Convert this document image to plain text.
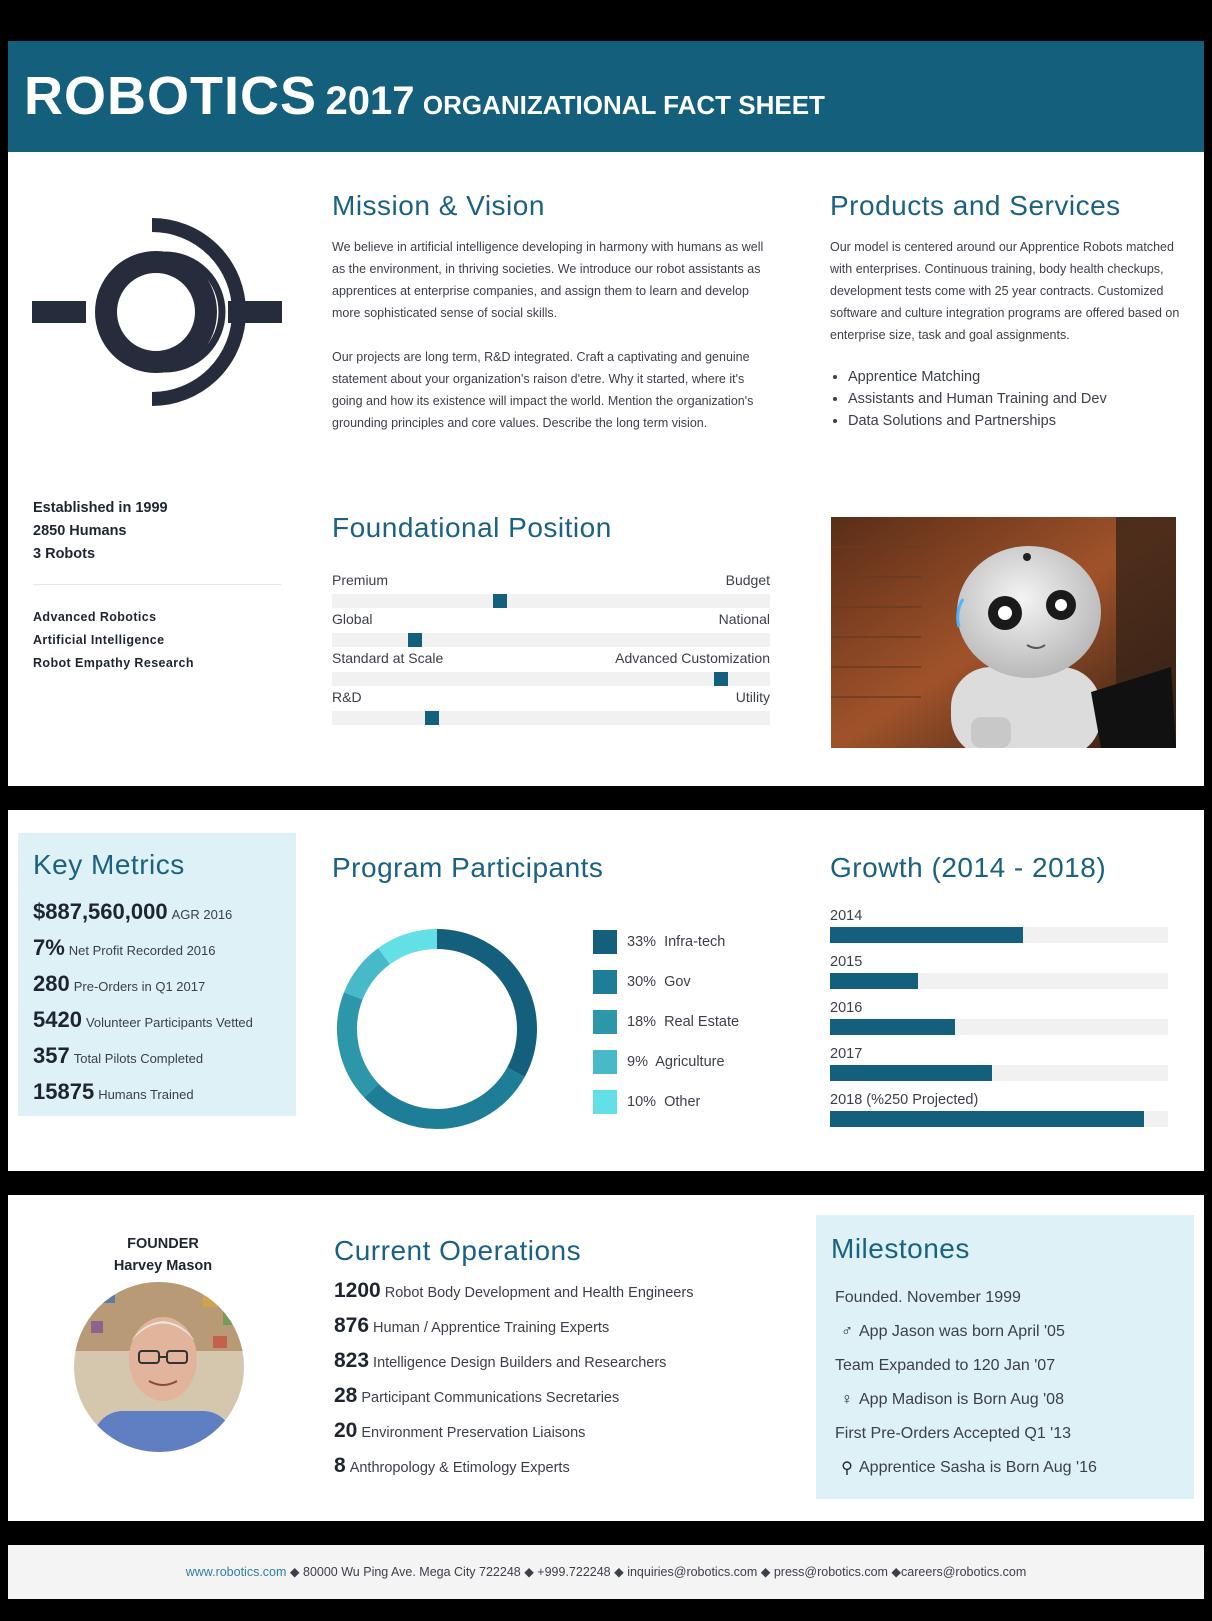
ROBOTICS 2017 ORGANIZATIONAL FACT SHEET
Established in 1999
2850 Humans
3 Robots
Advanced Robotics
Artificial Intelligence
Robot Empathy Research
Mission & Vision

We believe in artificial intelligence developing in harmony with humans as well as the environment, in thriving societies. We introduce our robot assistants as apprentices at enterprise companies, and assign them to learn and develop more sophisticated sense of social skills.

Our projects are long term, R&D integrated. Craft a captivating and genuine statement about your organization's raison d'etre. Why it started, where it's going and how its existence will impact the world. Mention the organization's grounding principles and core values. Describe the long term vision.

Products and Services

Our model is centered around our Apprentice Robots matched with enterprises. Continuous training, body health checkups, development tests come with 25 year contracts. Customized software and culture integration programs are offered based on enterprise size, task and goal assignments.

• Apprentice Matching
• Assistants and Human Training and Dev
• Data Solutions and Partnerships
Foundational Position
Premium	Budget
Global	National
Standard at Scale	Advanced Customization
R&D	Utility
Key Metrics

$887,560,000 AGR 2016

7% Net Profit Recorded 2016

280 Pre-Orders in Q1 2017

5420 Volunteer Participants Vetted

357 Total Pilots Completed

15875 Humans Trained

Program Participants
33%  Infra-tech
30%  Gov
18%  Real Estate
9%  Agriculture
10%  Other
Growth (2014 - 2018)
2014
2015
2016
2017
2018 (%250 Projected)
FOUNDER
Harvey Mason	Current Operations

1200 Robot Body Development and Health Engineers

876 Human / Apprentice Training Experts

823 Intelligence Design Builders and Researchers

28 Participant Communications Secretaries

20 Environment Preservation Liaisons

8 Anthropology & Etimology Experts

Milestones
Founded. November 1999
♂ App Jason was born April '05
Team Expanded to 120 Jan '07
♀ App Madison is Born Aug '08
First Pre-Orders Accepted Q1 '13
⚲ Apprentice Sasha is Born Aug '16
www.robotics.com ◆ 80000 Wu Ping Ave. Mega City 722248 ◆ +999.722248 ◆ inquiries@robotics.com ◆ press@robotics.com ◆careers@robotics.com
